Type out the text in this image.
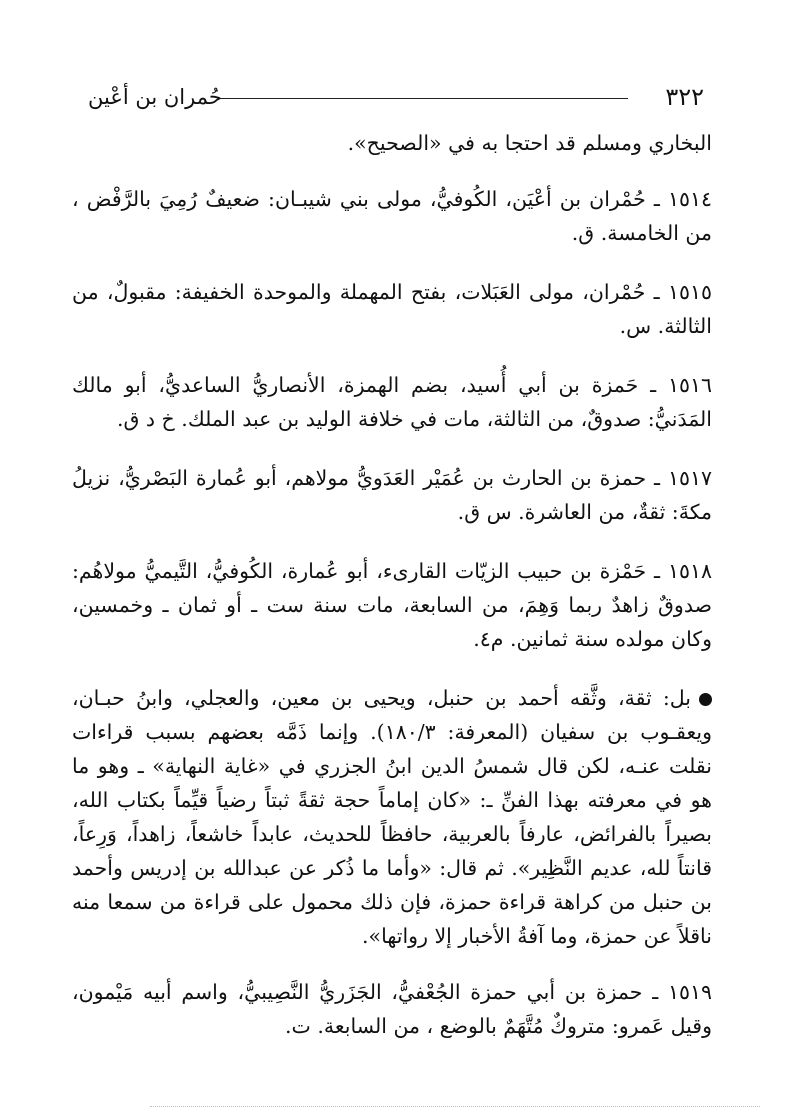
٣٢٢
حُمران بن أعْين

البخاري ومسلم قد احتجا به في «الصحيح».

١٥١٤ ـ حُمْران بن أعْيَن، الكُوفيُّ، مولى بني شيبـان: ضعيفٌ رُمِيَ بالرَّفْض ، من الخامسة. ق.

١٥١٥ ـ حُمْران، مولى العَبَلات، بفتح المهملة والموحدة الخفيفة: مقبولٌ، من الثالثة. س.

١٥١٦ ـ حَمزة بن أبي أُسيد، بضم الهمزة، الأنصاريُّ الساعديُّ، أبو مالك المَدَنيُّ: صدوقٌ، من الثالثة، مات في خلافة الوليد بن عبد الملك. خ د ق.

١٥١٧ ـ حمزة بن الحارث بن عُمَيْر العَدَويُّ مولاهم، أبو عُمارة البَصْريُّ، نزيلُ مكةَ: ثقةٌ، من العاشرة. س ق.

١٥١٨ ـ حَمْزة بن حبيب الزيّات القارىء، أبو عُمارة، الكُوفيُّ، التَّيميُّ مولاهُم: صدوقٌ زاهدٌ ربما وَهِمَ، من السابعة، مات سنة ست ـ أو ثمان ـ وخمسين، وكان مولده سنة ثمانين. م٤.

بل: ثقة، وثَّقه أحمد بن حنبل، ويحيى بن معين، والعجلي، وابنُ حبـان، ويعقـوب بن سفيان (المعرفة: ١٨٠/٣). وإنما ذَمَّه بعضهم بسبب قراءات نقلت عنـه، لكن قال شمسُ الدين ابنُ الجزري في «غاية النهاية» ـ وهو ما هو في معرفته بهذا الفنِّ ـ: «كان إماماً حجة ثقةً ثبتاً رضياً قيِّماً بكتاب الله، بصيراً بالفرائض، عارفاً بالعربية، حافظاً للحديث، عابداً خاشعاً، زاهداً، وَرِعاً، قانتاً لله، عديم النَّظِير». ثم قال: «وأما ما ذُكر عن عبدالله بن إدريس وأحمد بن حنبل من كراهة قراءة حمزة، فإن ذلك محمول على قراءة من سمعا منه ناقلاً عن حمزة، وما آفةُ الأخبار إلا رواتها».

١٥١٩ ـ حمزة بن أبي حمزة الجُعْفيُّ، الجَزَريُّ النَّصِيبيُّ، واسم أبيه مَيْمون، وقيل عَمرو: متروكٌ مُتَّهَمٌ بالوضع ، من السابعة. ت.
